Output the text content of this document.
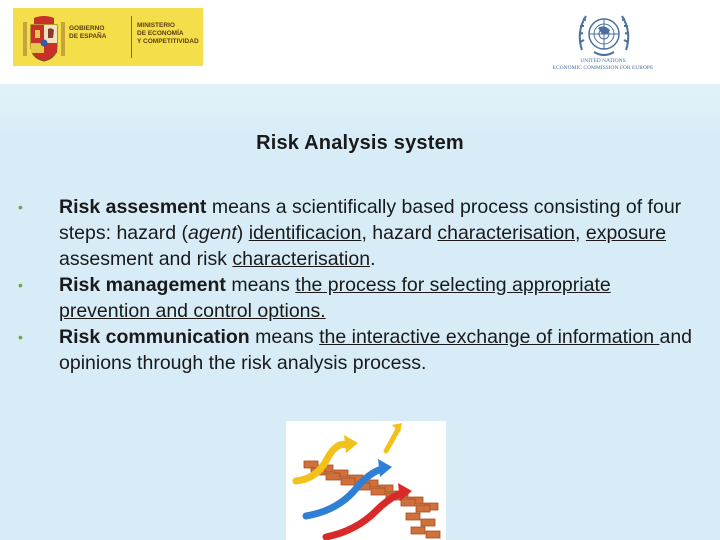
GOBIERNO
DE ESPAÑA
MINISTERIO
DE ECONOMÍA
Y COMPETITIVIDAD
UNITED NATIONS
ECONOMIC COMMISSION FOR EUROPE
Risk Analysis system
•	Risk assesment means a scientifically based process consisting of four steps: hazard (agent) identificacion, hazard characterisation, exposure assesment and risk characterisation.
•	Risk management means the process for selecting appropriate prevention and control options.
•	Risk communication means the interactive exchange of information and opinions through the risk analysis process.
